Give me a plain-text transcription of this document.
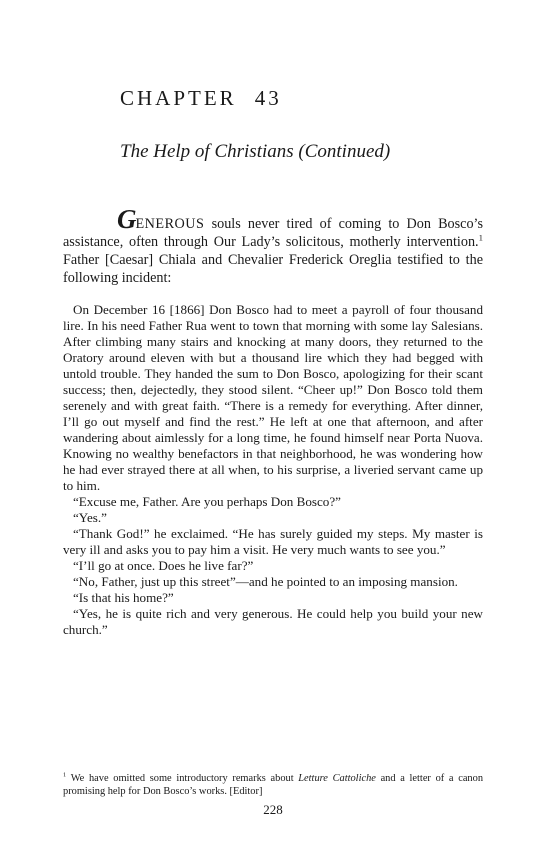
CHAPTER 43
The Help of Christians (Continued)

GENEROUS souls never tired of coming to Don Bosco’s assistance, often through Our Lady’s solicitous, motherly intervention.$^1$ Father [Caesar] Chiala and Chevalier Frederick Oreglia testified to the following incident:

On December 16 [1866] Don Bosco had to meet a payroll of four thousand lire. In his need Father Rua went to town that morning with some lay Salesians. After climbing many stairs and knocking at many doors, they returned to the Oratory around eleven with but a thousand lire which they had begged with untold trouble. They handed the sum to Don Bosco, apologizing for their scant success; then, dejectedly, they stood silent. “Cheer up!” Don Bosco told them serenely and with great faith. “There is a remedy for everything. After dinner, I’ll go out myself and find the rest.” He left at one that afternoon, and after wandering about aimlessly for a long time, he found himself near Porta Nuova. Knowing no wealthy benefactors in that neighborhood, he was wondering how he had ever strayed there at all when, to his surprise, a liveried servant came up to him.

“Excuse me, Father. Are you perhaps Don Bosco?”

“Yes.”

“Thank God!” he exclaimed. “He has surely guided my steps. My master is very ill and asks you to pay him a visit. He very much wants to see you.”

“I’ll go at once. Does he live far?”

“No, Father, just up this street”—and he pointed to an imposing mansion.

“Is that his home?”

“Yes, he is quite rich and very generous. He could help you build your new church.”

$^1$ We have omitted some introductory remarks about Letture Cattoliche and a letter of a canon promising help for Don Bosco’s works. [Editor]

228
